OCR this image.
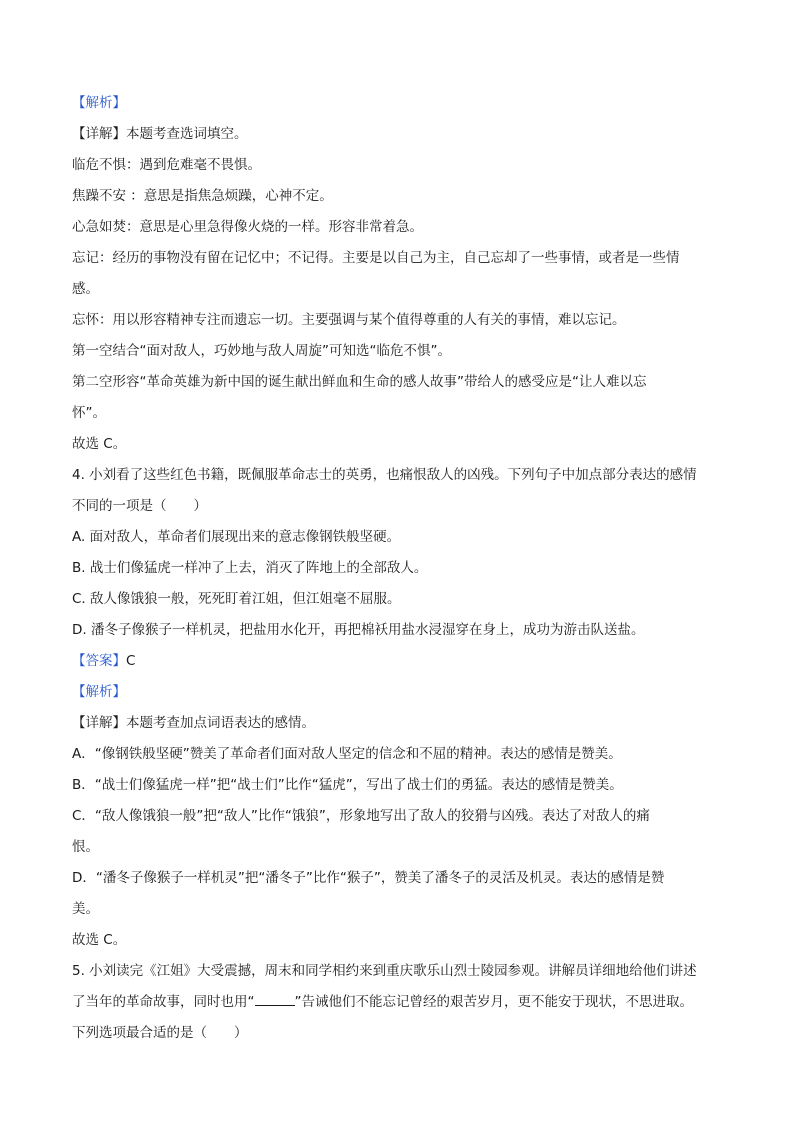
【解析】
【详解】本题考查选词填空。
临危不惧：遇到危难毫不畏惧。
焦躁不安 ：意思是指焦急烦躁，心神不定。
心急如焚：意思是心里急得像火烧的一样。形容非常着急。
忘记：经历的事物没有留在记忆中；不记得。主要是以自己为主，自己忘却了一些事情，或者是一些情
感。
忘怀：用以形容精神专注而遗忘一切。主要强调与某个值得尊重的人有关的事情，难以忘记。
第一空结合“面对敌人，巧妙地与敌人周旋”可知选“临危不惧”。
第二空形容“革命英雄为新中国的诞生献出鲜血和生命的感人故事”带给人的感受应是“让人难以忘
怀”。
故选 C。
4. 小刘看了这些红色书籍，既佩服革命志士的英勇，也痛恨敌人的凶残。下列句子中加点部分表达的感情
不同的一项是（　　）
A. 面对敌人，革命者们展现出来的意志像钢铁般坚硬。
B. 战士们像猛虎一样冲了上去，消灭了阵地上的全部敌人。
C. 敌人像饿狼一般，死死盯着江姐，但江姐毫不屈服。
D. 潘冬子像猴子一样机灵，把盐用水化开，再把棉袄用盐水浸湿穿在身上，成功为游击队送盐。
【答案】C
【解析】
【详解】本题考查加点词语表达的感情。
A．“像钢铁般坚硬”赞美了革命者们面对敌人坚定的信念和不屈的精神。表达的感情是赞美。
B．“战士们像猛虎一样”把“战士们”比作“猛虎”，写出了战士们的勇猛。表达的感情是赞美。
C．“敌人像饿狼一般”把“敌人”比作“饿狼”，形象地写出了敌人的狡猾与凶残。表达了对敌人的痛
恨。
D．“潘冬子像猴子一样机灵”把“潘冬子”比作“猴子”，赞美了潘冬子的灵活及机灵。表达的感情是赞
美。
故选 C。
5. 小刘读完《江姐》大受震撼，周末和同学相约来到重庆歌乐山烈士陵园参观。讲解员详细地给他们讲述
了当年的革命故事，同时也用“	”告诫他们不能忘记曾经的艰苦岁月，更不能安于现状，不思进取。
下列选项最合适的是（　　）
